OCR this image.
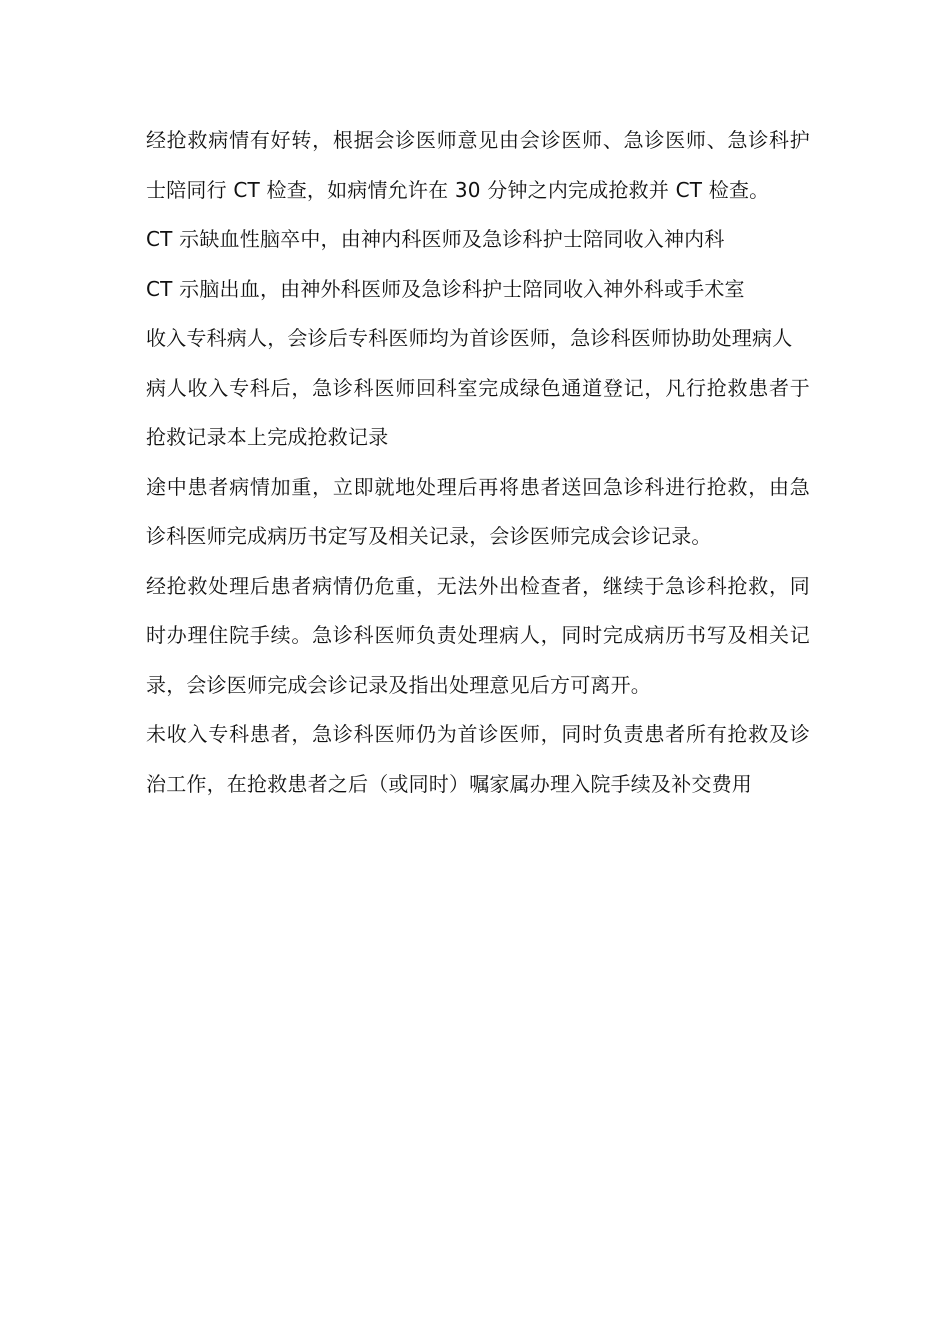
经抢救病情有好转，根据会诊医师意见由会诊医师、急诊医师、急诊科护士陪同行 CT 检查，如病情允许在 30 分钟之内完成抢救并 CT 检查。

CT 示缺血性脑卒中，由神内科医师及急诊科护士陪同收入神内科

CT 示脑出血，由神外科医师及急诊科护士陪同收入神外科或手术室

收入专科病人，会诊后专科医师均为首诊医师，急诊科医师协助处理病人

病人收入专科后，急诊科医师回科室完成绿色通道登记，凡行抢救患者于抢救记录本上完成抢救记录

途中患者病情加重，立即就地处理后再将患者送回急诊科进行抢救，由急诊科医师完成病历书定写及相关记录，会诊医师完成会诊记录。

经抢救处理后患者病情仍危重，无法外出检查者，继续于急诊科抢救，同时办理住院手续。急诊科医师负责处理病人，同时完成病历书写及相关记录，会诊医师完成会诊记录及指出处理意见后方可离开。

未收入专科患者，急诊科医师仍为首诊医师，同时负责患者所有抢救及诊治工作，在抢救患者之后（或同时）嘱家属办理入院手续及补交费用
